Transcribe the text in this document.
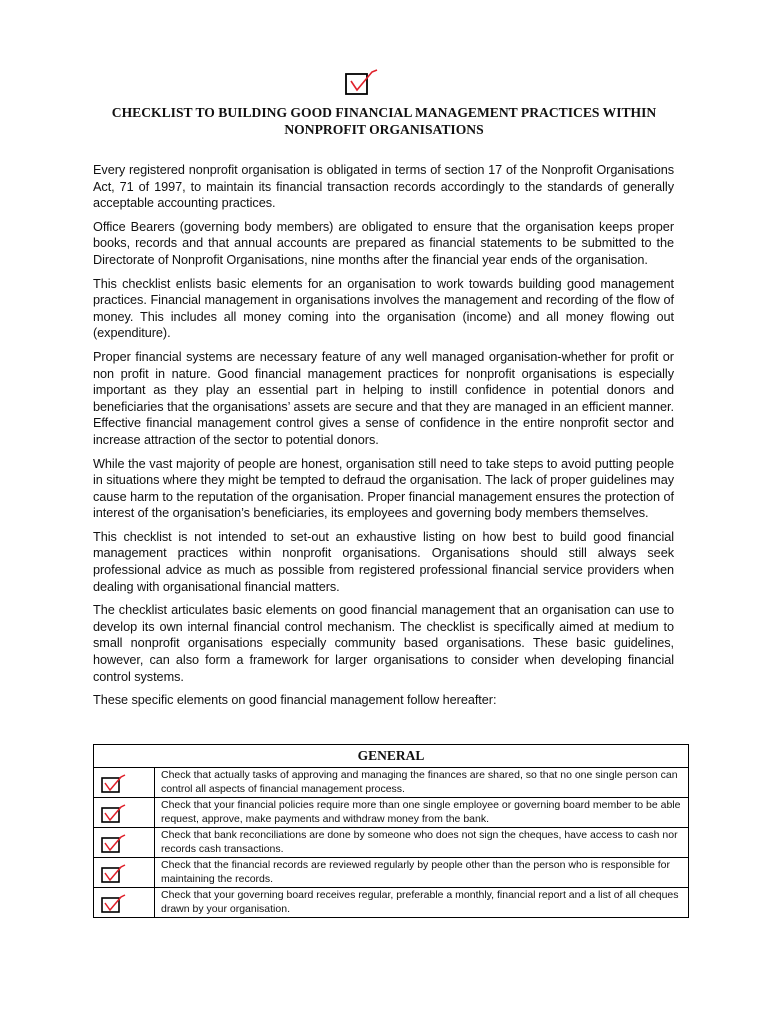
CHECKLIST TO BUILDING GOOD FINANCIAL MANAGEMENT PRACTICES WITHIN
NONPROFIT ORGANISATIONS

Every registered nonprofit organisation is obligated in terms of section 17 of the Nonprofit Organisations Act, 71 of 1997, to maintain its financial transaction records accordingly to the standards of generally acceptable accounting practices.

Office Bearers (governing body members) are obligated to ensure that the organisation keeps proper books, records and that annual accounts are prepared as financial statements to be submitted to the Directorate of Nonprofit Organisations, nine months after the financial year ends of the organisation.

This checklist enlists basic elements for an organisation to work towards building good management practices. Financial management in organisations involves the management and recording of the flow of money. This includes all money coming into the organisation (income) and all money flowing out (expenditure).

Proper financial systems are necessary feature of any well managed organisation-whether for profit or non profit in nature. Good financial management practices for nonprofit organisations is especially important as they play an essential part in helping to instill confidence in potential donors and beneficiaries that the organisations’ assets are secure and that they are managed in an efficient manner. Effective financial management control gives a sense of confidence in the entire nonprofit sector and increase attraction of the sector to potential donors.

While the vast majority of people are honest, organisation still need to take steps to avoid putting people in situations where they might be tempted to defraud the organisation. The lack of proper guidelines may cause harm to the reputation of the organisation. Proper financial management ensures the protection of interest of the organisation’s beneficiaries, its employees and governing body members themselves.

This checklist is not intended to set-out an exhaustive listing on how best to build good financial management practices within nonprofit organisations. Organisations should still always seek professional advice as much as possible from registered professional financial service providers when dealing with organisational financial matters.

The checklist articulates basic elements on good financial management that an organisation can use to develop its own internal financial control mechanism. The checklist is specifically aimed at medium to small nonprofit organisations especially community based organisations. These basic guidelines, however, can also form a framework for larger organisations to consider when developing financial control systems.

These specific elements on good financial management follow hereafter:

GENERAL	

	Check that actually tasks of approving and managing the finances are shared, so that no one single person can control all aspects of financial management process.

	Check that your financial policies require more than one single employee or governing board member to be able request, approve, make payments and withdraw money from the bank.

	Check that bank reconciliations are done by someone who does not sign the cheques, have access to cash nor records cash transactions.

	Check that the financial records are reviewed regularly by people other than the person who is responsible for maintaining the records.

	Check that your governing board receives regular, preferable a monthly, financial report and a list of all cheques drawn by your organisation.
